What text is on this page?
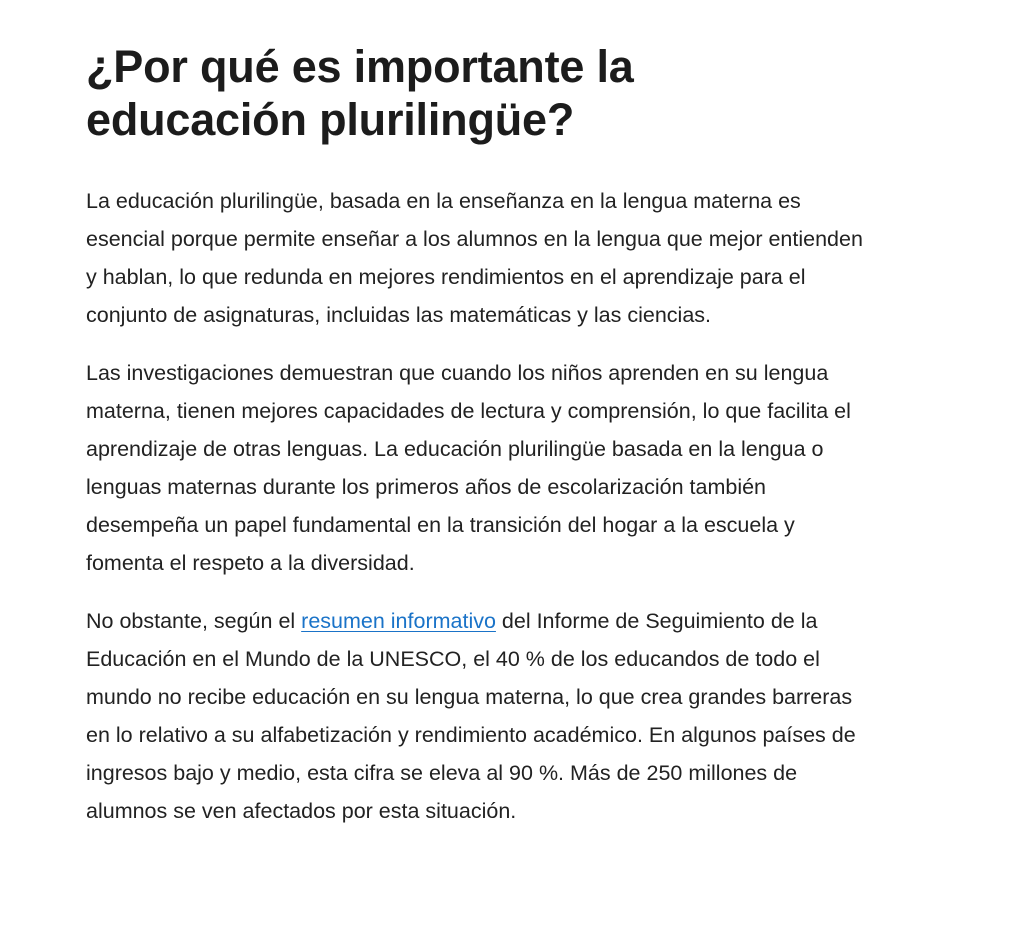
¿Por qué es importante la
educación plurilingüe?

La educación plurilingüe, basada en la enseñanza en la lengua materna es esencial porque permite enseñar a los alumnos en la lengua que mejor entienden y hablan, lo que redunda en mejores rendimientos en el aprendizaje para el conjunto de asignaturas, incluidas las matemáticas y las ciencias.

Las investigaciones demuestran que cuando los niños aprenden en su lengua materna, tienen mejores capacidades de lectura y comprensión, lo que facilita el aprendizaje de otras lenguas. La educación plurilingüe basada en la lengua o lenguas maternas durante los primeros años de escolarización también desempeña un papel fundamental en la transición del hogar a la escuela y fomenta el respeto a la diversidad.

No obstante, según el resumen informativo del Informe de Seguimiento de la Educación en el Mundo de la UNESCO, el 40 % de los educandos de todo el mundo no recibe educación en su lengua materna, lo que crea grandes barreras en lo relativo a su alfabetización y rendimiento académico. En algunos países de ingresos bajo y medio, esta cifra se eleva al 90 %. Más de 250 millones de alumnos se ven afectados por esta situación.
